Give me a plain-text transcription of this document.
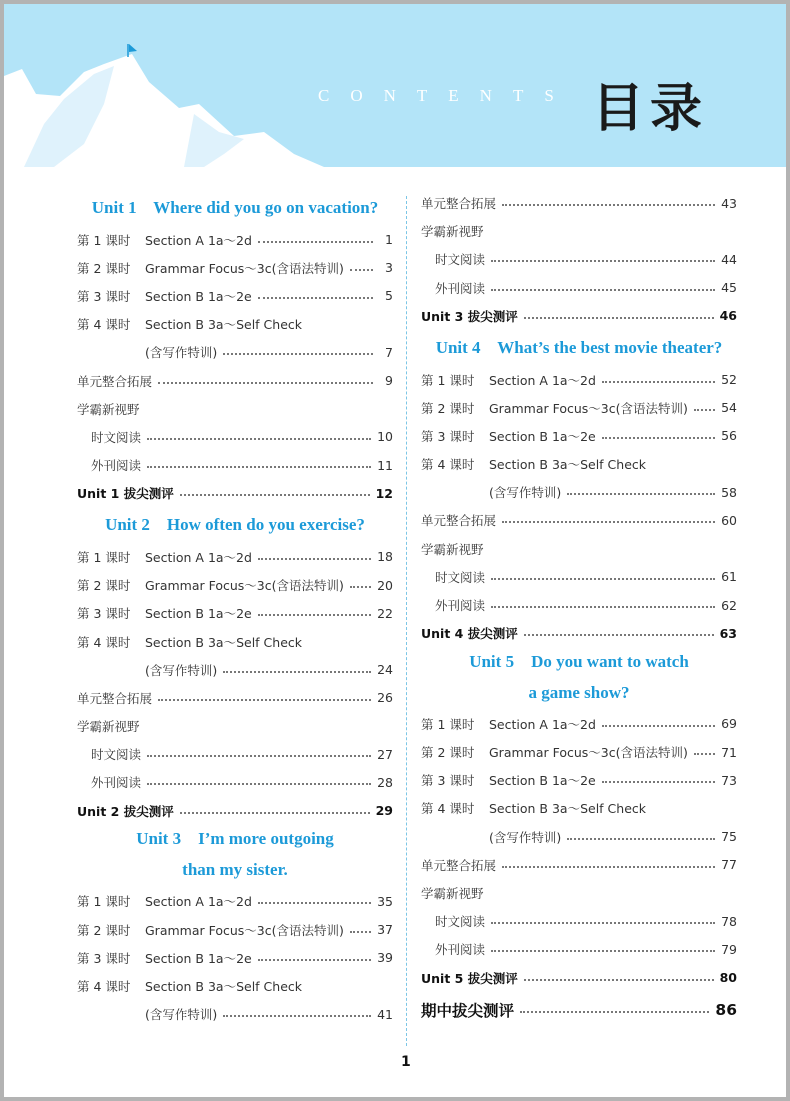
CONTENTS 目录
Unit 1    Where did you go on vacation?
第 1 课时	Section A 1a～2d	1
第 2 课时	Grammar Focus～3c(含语法特训)	3
第 3 课时	Section B 1a～2e	5
第 4 课时	Section B 3a～Self Check
(含写作特训)	7
单元整合拓展	9
学霸新视野
时文阅读	10
外刊阅读	11
Unit 1 拔尖测评	12
Unit 2    How often do you exercise?
第 1 课时	Section A 1a～2d	18
第 2 课时	Grammar Focus～3c(含语法特训)	20
第 3 课时	Section B 1a～2e	22
第 4 课时	Section B 3a～Self Check
(含写作特训)	24
单元整合拓展	26
学霸新视野
时文阅读	27
外刊阅读	28
Unit 2 拔尖测评	29
Unit 3    I’m more outgoing
than my sister.
第 1 课时	Section A 1a～2d	35
第 2 课时	Grammar Focus～3c(含语法特训)	37
第 3 课时	Section B 1a～2e	39
第 4 课时	Section B 3a～Self Check
(含写作特训)	41
单元整合拓展	43
学霸新视野
时文阅读	44
外刊阅读	45
Unit 3 拔尖测评	46
Unit 4    What’s the best movie theater?
第 1 课时	Section A 1a～2d	52
第 2 课时	Grammar Focus～3c(含语法特训)	54
第 3 课时	Section B 1a～2e	56
第 4 课时	Section B 3a～Self Check
(含写作特训)	58
单元整合拓展	60
学霸新视野
时文阅读	61
外刊阅读	62
Unit 4 拔尖测评	63
Unit 5    Do you want to watch
a game show?
第 1 课时	Section A 1a～2d	69
第 2 课时	Grammar Focus～3c(含语法特训)	71
第 3 课时	Section B 1a～2e	73
第 4 课时	Section B 3a～Self Check
(含写作特训)	75
单元整合拓展	77
学霸新视野
时文阅读	78
外刊阅读	79
Unit 5 拔尖测评	80
期中拔尖测评	86
1
